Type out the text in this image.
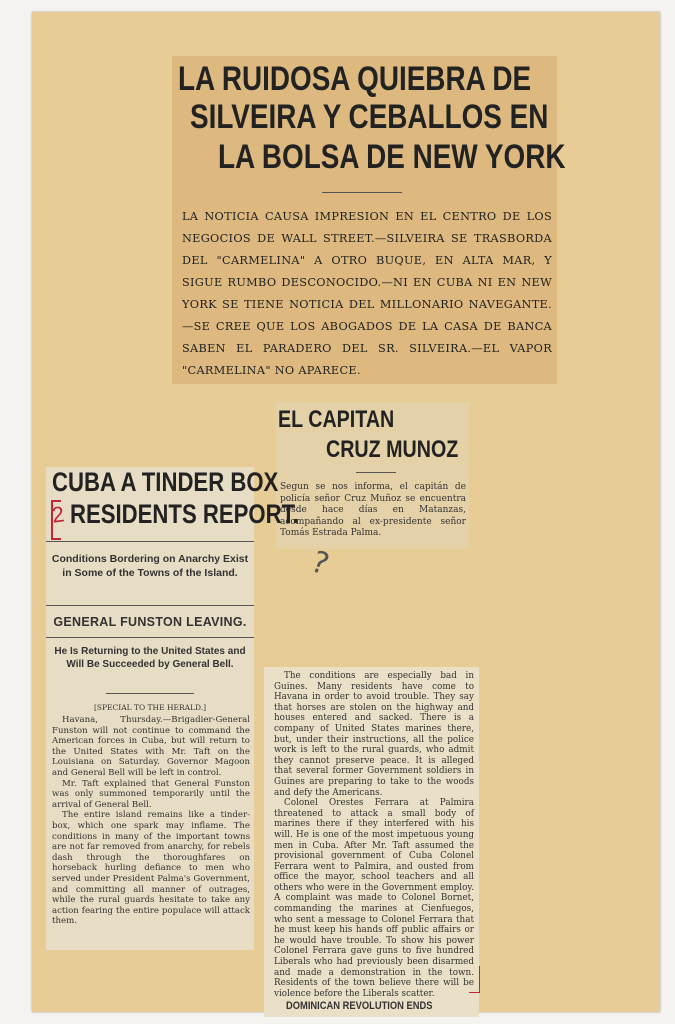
LA RUIDOSA QUIEBRA DE
SILVEIRA Y CEBALLOS EN
LA BOLSA DE NEW YORK
LA NOTICIA CAUSA IMPRESION EN EL CENTRO DE LOS NEGOCIOS DE WALL STREET.—SILVEIRA SE TRASBORDA DEL "CARMELINA" A OTRO BUQUE, EN ALTA MAR, Y SIGUE RUMBO DESCONOCIDO.—NI EN CUBA NI EN NEW YORK SE TIENE NOTICIA DEL MILLONARIO NAVEGANTE.—SE CREE QUE LOS ABOGADOS DE LA CASA DE BANCA SABEN EL PARADERO DEL SR. SILVEIRA.—EL VAPOR "CARMELINA" NO APARECE.
EL CAPITAN
CRUZ MUNOZ
Segun se nos informa, el capitán de policía señor Cruz Muñoz se encuentra desde hace días en Matanzas, acompañando al ex-presidente señor Tomás Estrada Palma.
?
CUBA A TINDER BOX
RESIDENTS REPORT.
Conditions Bordering on Anarchy Exist in Some of the Towns of the Island.
GENERAL FUNSTON LEAVING.
He Is Returning to the United States and Will Be Succeeded by General Bell.
[SPECIAL TO THE HERALD.]

Havana, Thursday.—Brigadier-General Funston will not continue to command the American forces in Cuba, but will return to the United States with Mr. Taft on the Louisiana on Saturday. Governor Magoon and General Bell will be left in control.

Mr. Taft explained that General Funston was only summoned temporarily until the arrival of General Bell.

The entire island remains like a tinder-box, which one spark may inflame. The conditions in many of the important towns are not far removed from anarchy, for rebels dash through the thoroughfares on horseback hurling defiance to men who served under President Palma's Government, and committing all manner of outrages, while the rural guards hesitate to take any action fearing the entire populace will attack them.

2

The conditions are especially bad in Guines. Many residents have come to Havana in order to avoid trouble. They say that horses are stolen on the highway and houses entered and sacked. There is a company of United States marines there, but, under their instructions, all the police work is left to the rural guards, who admit they cannot preserve peace. It is alleged that several former Government soldiers in Guines are preparing to take to the woods and defy the Americans.

Colonel Orestes Ferrara at Palmira threatened to attack a small body of marines there if they interfered with his will. He is one of the most impetuous young men in Cuba. After Mr. Taft assumed the provisional government of Cuba Colonel Ferrara went to Palmira, and ousted from office the mayor, school teachers and all others who were in the Government employ. A complaint was made to Colonel Bornet, commanding the marines at Cienfuegos, who sent a message to Colonel Ferrara that he must keep his hands off public affairs or he would have trouble. To show his power Colonel Ferrara gave guns to five hundred Liberals who had previously been disarmed and made a demonstration in the town. Residents of the town believe there will be violence before the Liberals scatter.

DOMINICAN REVOLUTION ENDS
